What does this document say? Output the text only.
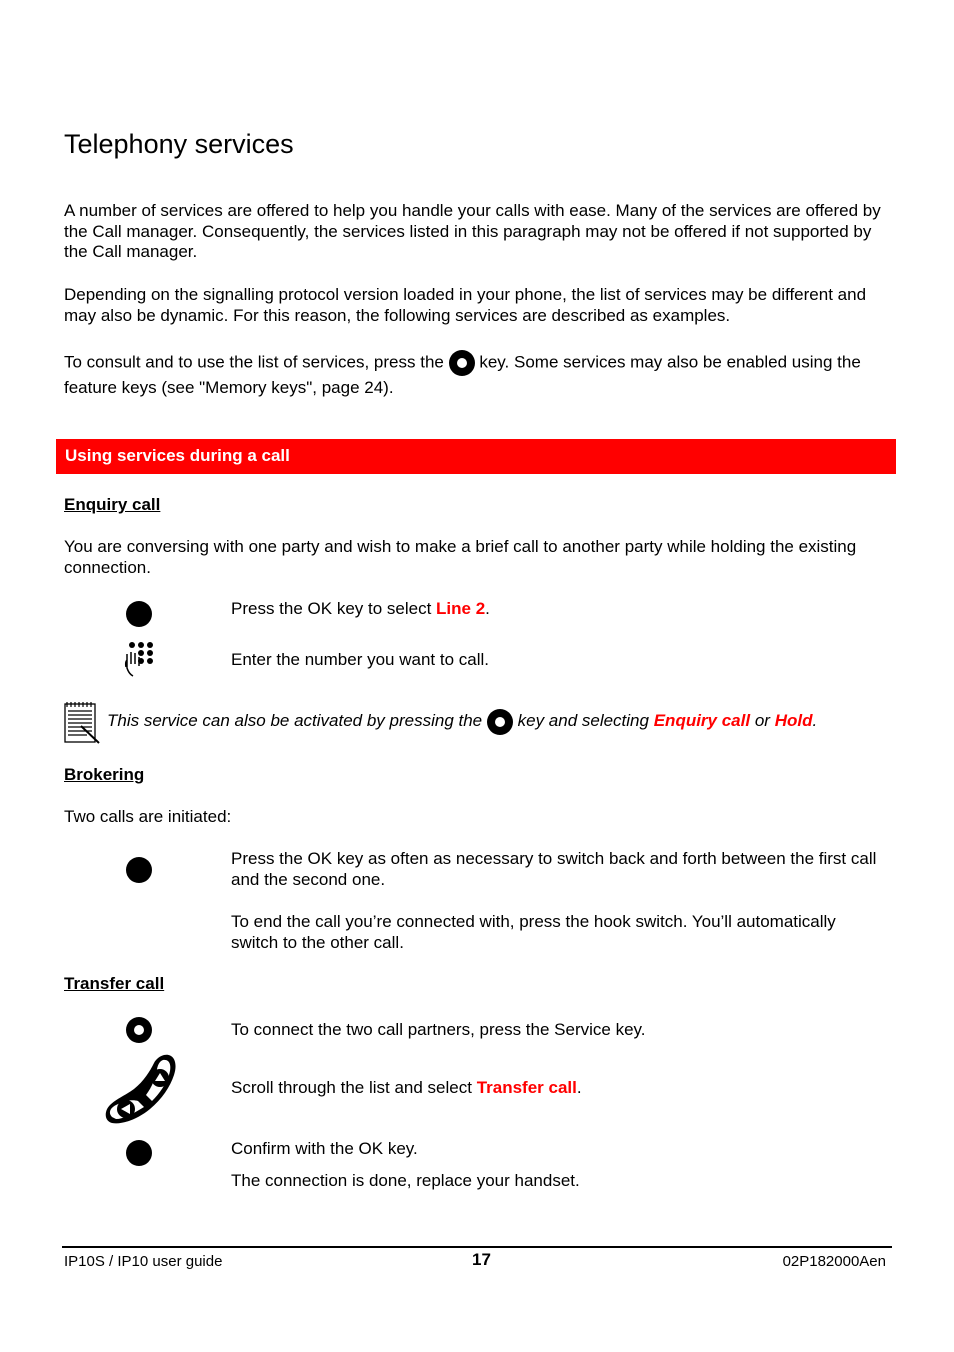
Telephony services

A number of services are offered to help you handle your calls with ease. Many of the services are offered by the Call manager. Consequently, the services listed in this paragraph may not be offered if not supported by the Call manager.

Depending on the signalling protocol version loaded in your phone, the list of services may be different and may also be dynamic. For this reason, the following services are described as examples.

To consult and to use the list of services, press the key. Some services may also be enabled using the feature keys (see "Memory keys", page 24).
Using services during a call
Enquiry call

You are conversing with one party and wish to make a brief call to another party while holding the existing connection.

Press the OK key to select Line 2.
Enter the number you want to call.
This service can also be activated by pressing the key and selecting Enquiry call or Hold.
Brokering
Two calls are initiated:
Press the OK key as often as necessary to switch back and forth between the first call and the second one.
To end the call you’re connected with, press the hook switch. You’ll automatically switch to the other call.
Transfer call
To connect the two call partners, press the Service key.
Scroll through the list and select Transfer call.
Confirm with the OK key.
The connection is done, replace your handset.
IP10S / IP10 user guide	17	02P182000Aen
